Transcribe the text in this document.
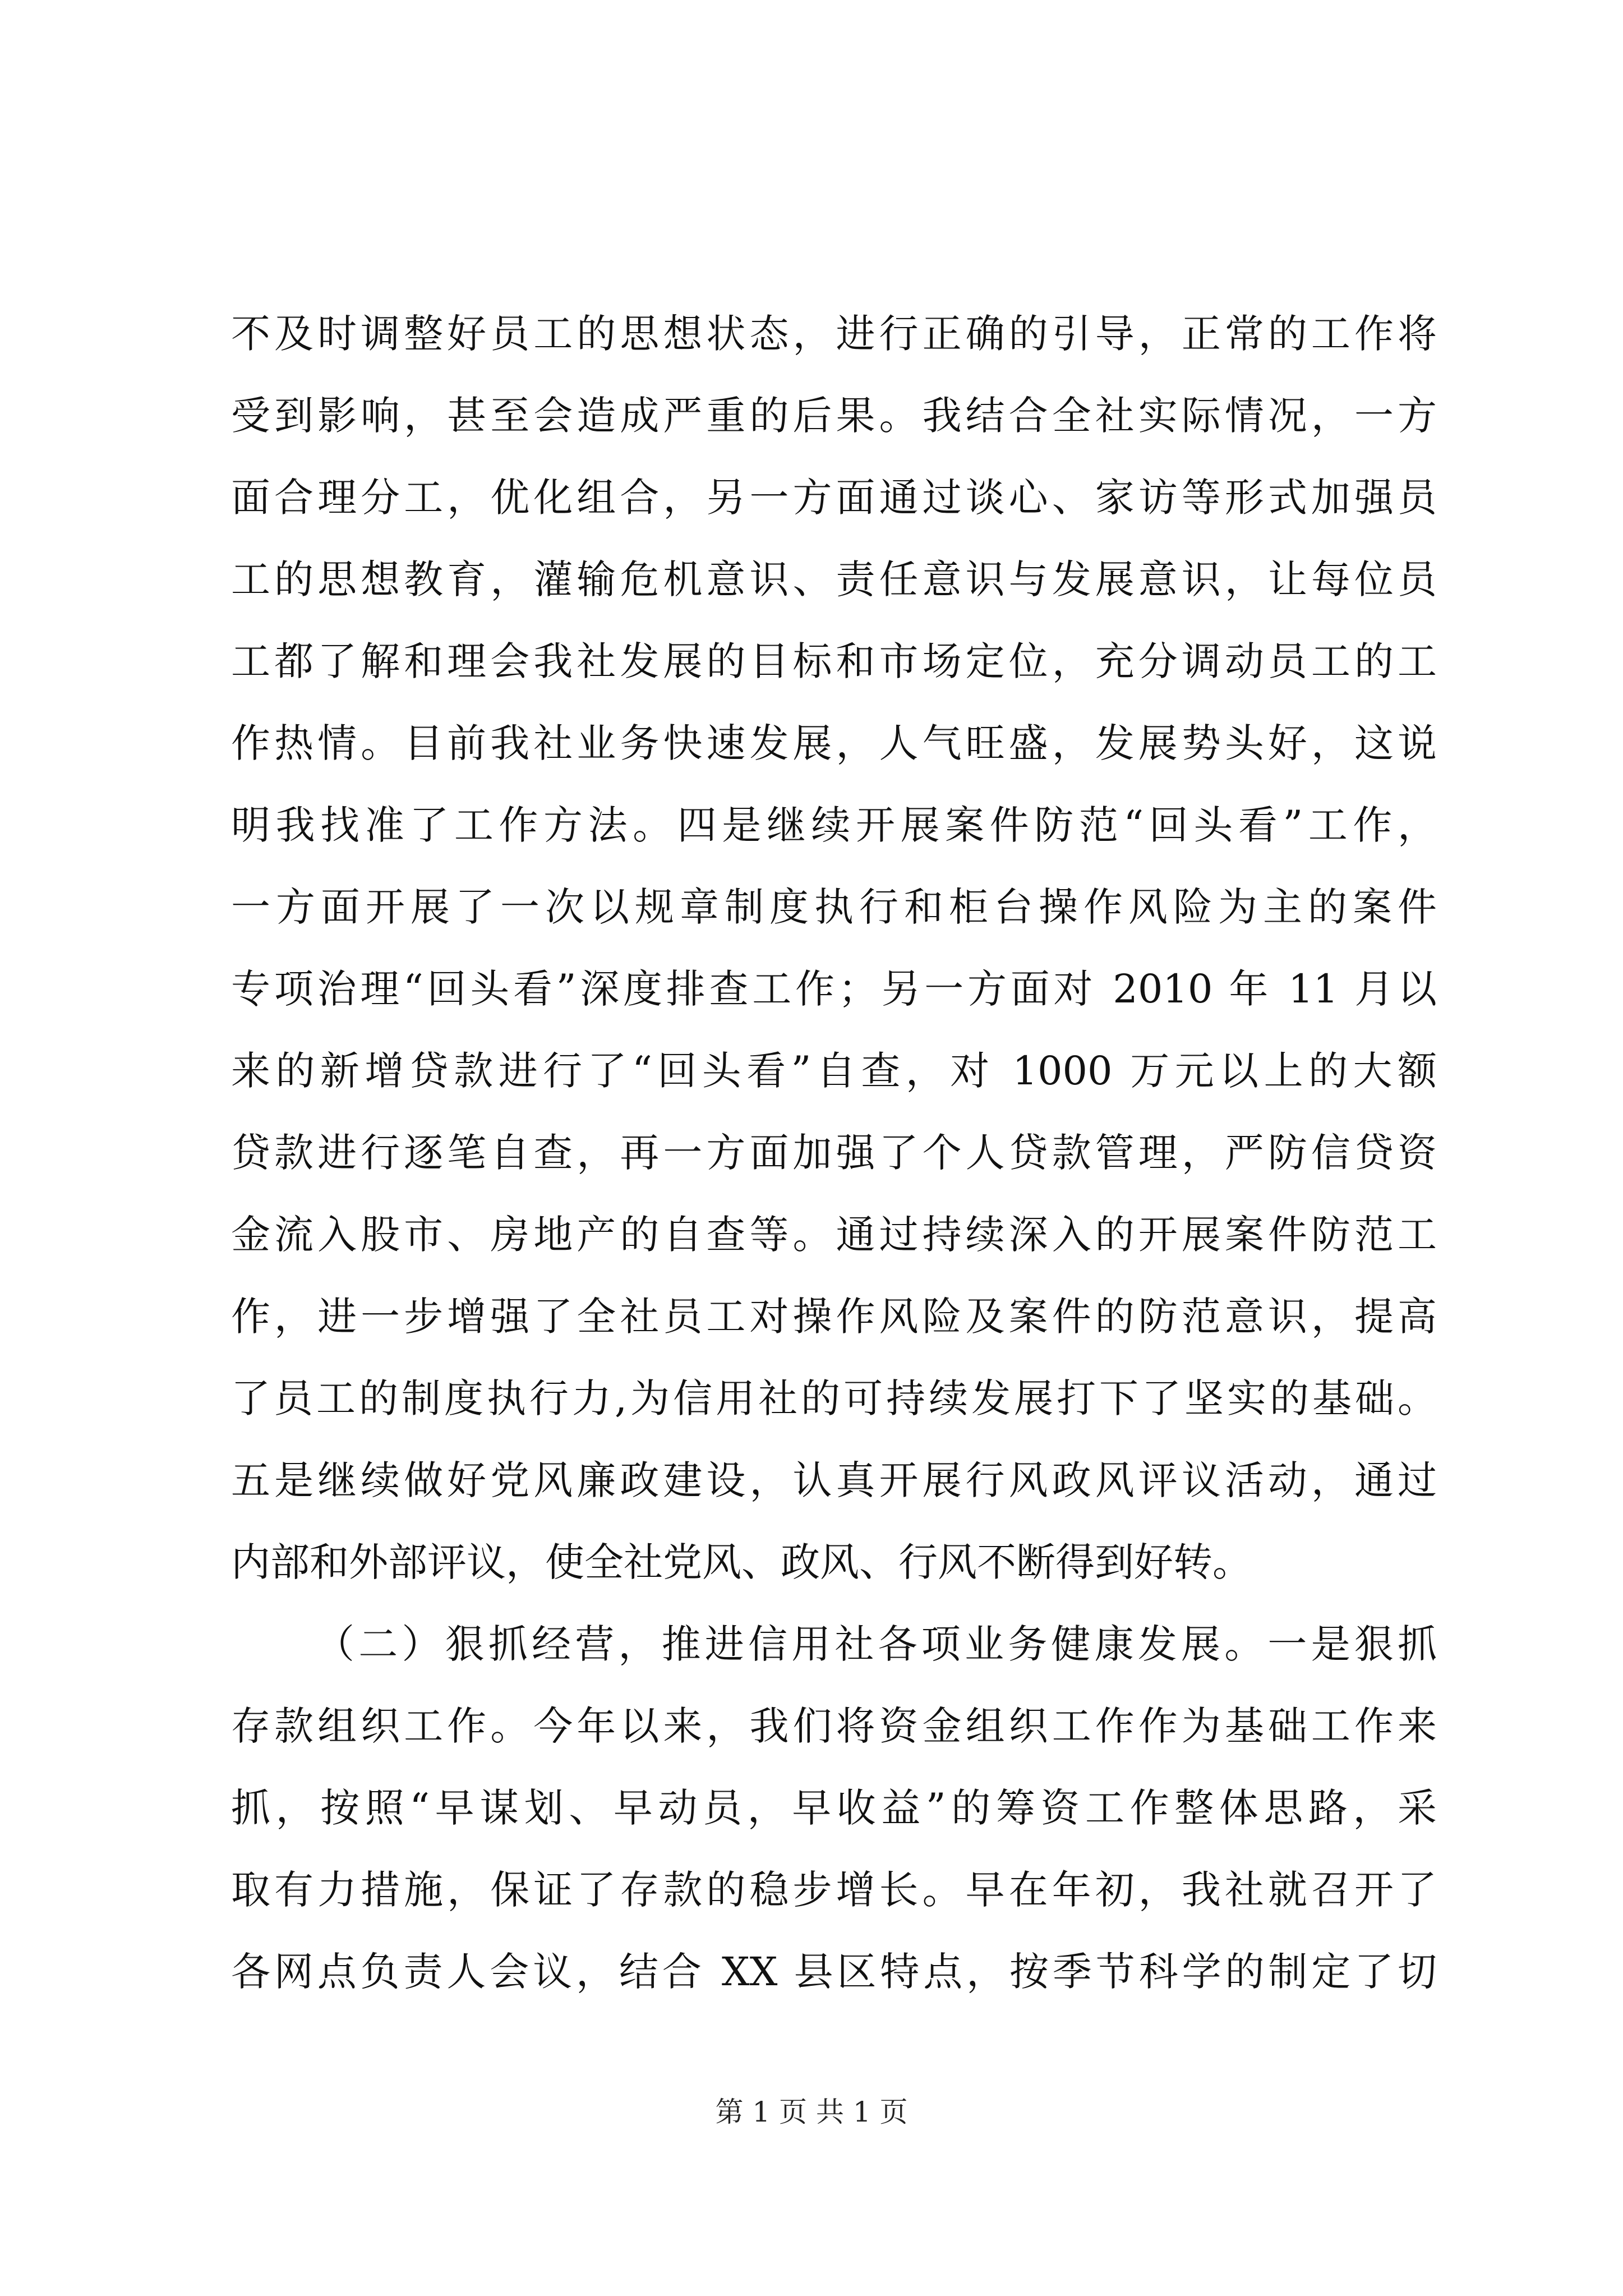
不及时调整好员工的思想状态，进行正确的引导，正常的工作将
受到影响，甚至会造成严重的后果。我结合全社实际情况，一方
面合理分工，优化组合，另一方面通过谈心、家访等形式加强员
工的思想教育，灌输危机意识、责任意识与发展意识，让每位员
工都了解和理会我社发展的目标和市场定位，充分调动员工的工
作热情。目前我社业务快速发展，人气旺盛，发展势头好，这说
明我找准了工作方法。四是继续开展案件防范“回头看”工作，
一方面开展了一次以规章制度执行和柜台操作风险为主的案件
专项治理“回头看”深度排查工作；另一方面对 2010 年 11 月以
来的新增贷款进行了“回头看”自查，对 1000 万元以上的大额
贷款进行逐笔自查，再一方面加强了个人贷款管理，严防信贷资
金流入股市、房地产的自查等。通过持续深入的开展案件防范工
作，进一步增强了全社员工对操作风险及案件的防范意识，提高
了员工的制度执行力,为信用社的可持续发展打下了坚实的基础。
五是继续做好党风廉政建设，认真开展行风政风评议活动，通过
内部和外部评议，使全社党风、政风、行风不断得到好转。
（二）狠抓经营，推进信用社各项业务健康发展。一是狠抓
存款组织工作。今年以来，我们将资金组织工作作为基础工作来
抓，按照“早谋划、早动员，早收益”的筹资工作整体思路，采
取有力措施，保证了存款的稳步增长。早在年初，我社就召开了
各网点负责人会议，结合 XX 县区特点，按季节科学的制定了切
第 1 页 共 1 页
